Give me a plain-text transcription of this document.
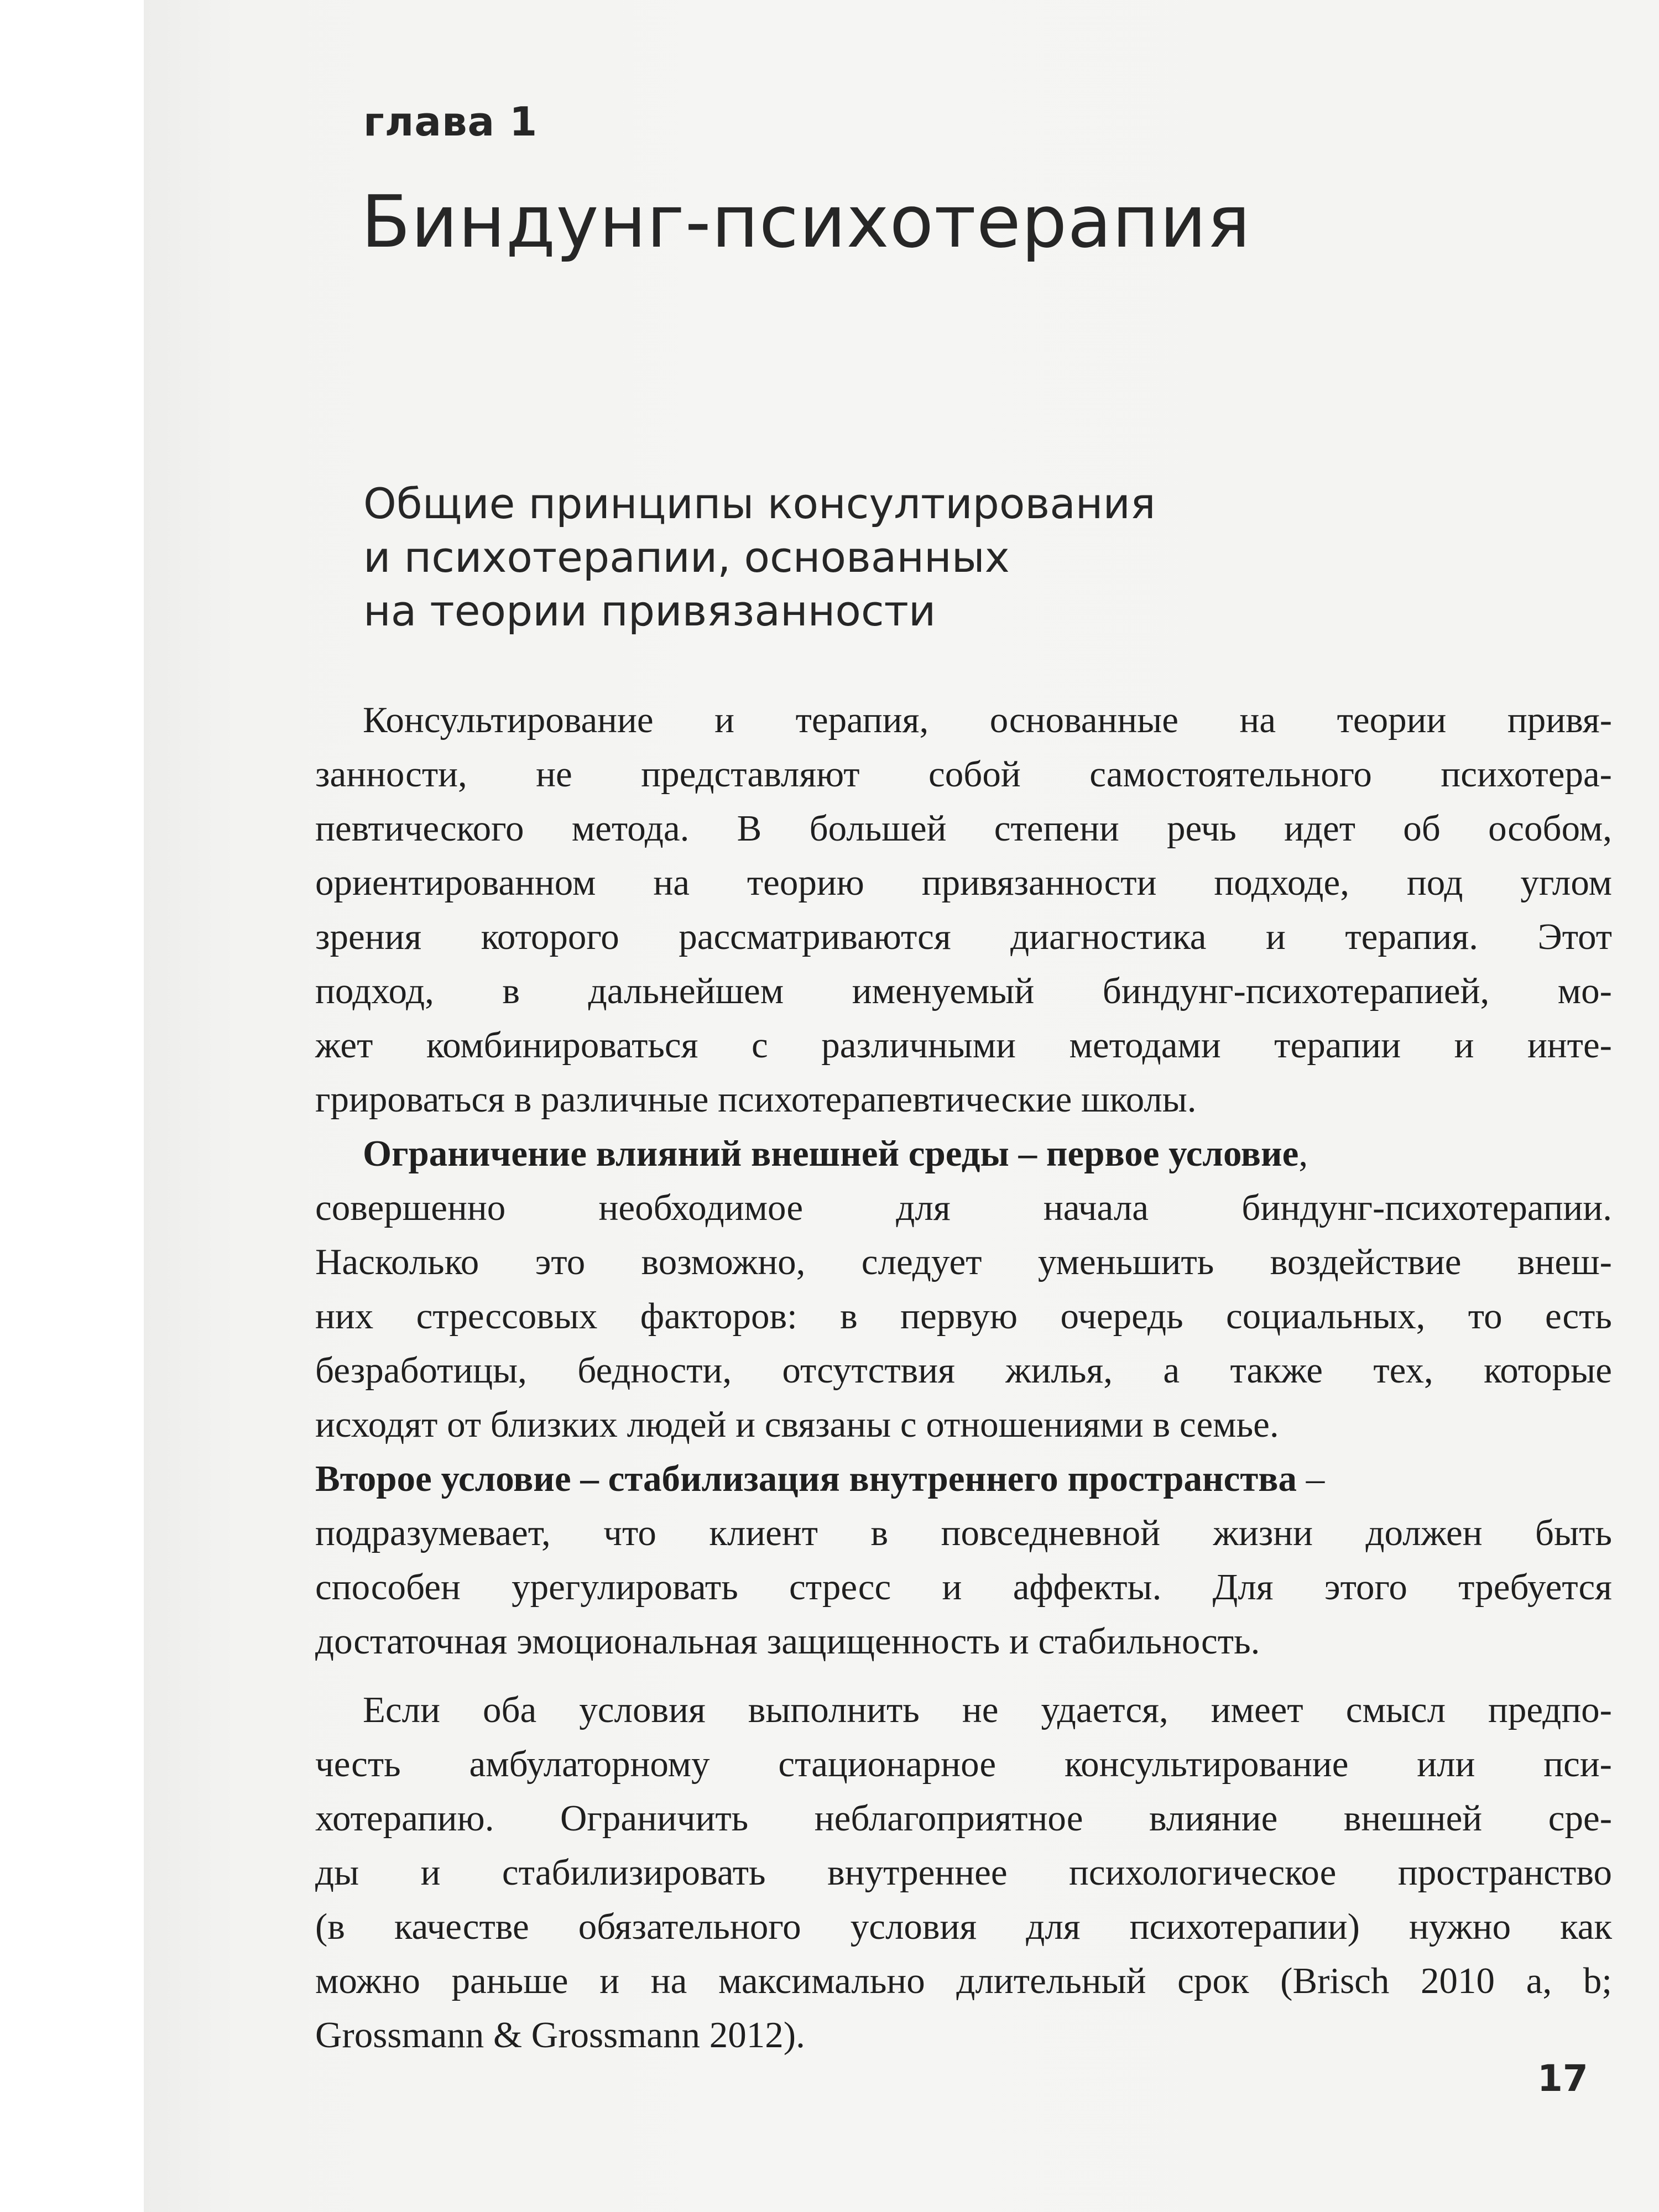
глава 1
Биндунг-психотерапия
Общие принципы консултирования
и психотерапии, основанных
на теории привязанности
Консультирование и терапия, основанные на теории привя-
занности, не представляют собой самостоятельного психотера-
певтического метода. В большей степени речь идет об особом,
ориентированном на теорию привязанности подходе, под углом
зрения которого рассматриваются диагностика и терапия. Этот
подход, в дальнейшем именуемый биндунг-психотерапией, мо-
жет комбинироваться с различными методами терапии и инте-
грироваться в различные психотерапевтические школы.
Ограничение влияний внешней среды – первое условие,
совершенно необходимое для начала биндунг-психотерапии.
Насколько это возможно, следует уменьшить воздействие внеш-
них стрессовых факторов: в первую очередь социальных, то есть
безработицы, бедности, отсутствия жилья, а также тех, которые
исходят от близких людей и связаны с отношениями в семье.
Второе условие – стабилизация внутреннего пространства –
подразумевает, что клиент в повседневной жизни должен быть
способен урегулировать стресс и аффекты. Для этого требуется
достаточная эмоциональная защищенность и стабильность.
Если оба условия выполнить не удается, имеет смысл предпо-
честь амбулаторному стационарное консультирование или пси-
хотерапию. Ограничить неблагоприятное влияние внешней сре-
ды и стабилизировать внутреннее психологическое пространство
(в качестве обязательного условия для психотерапии) нужно как
можно раньше и на максимально длительный срок (Brisch 2010 a, b;
Grossmann & Grossmann 2012).
17
